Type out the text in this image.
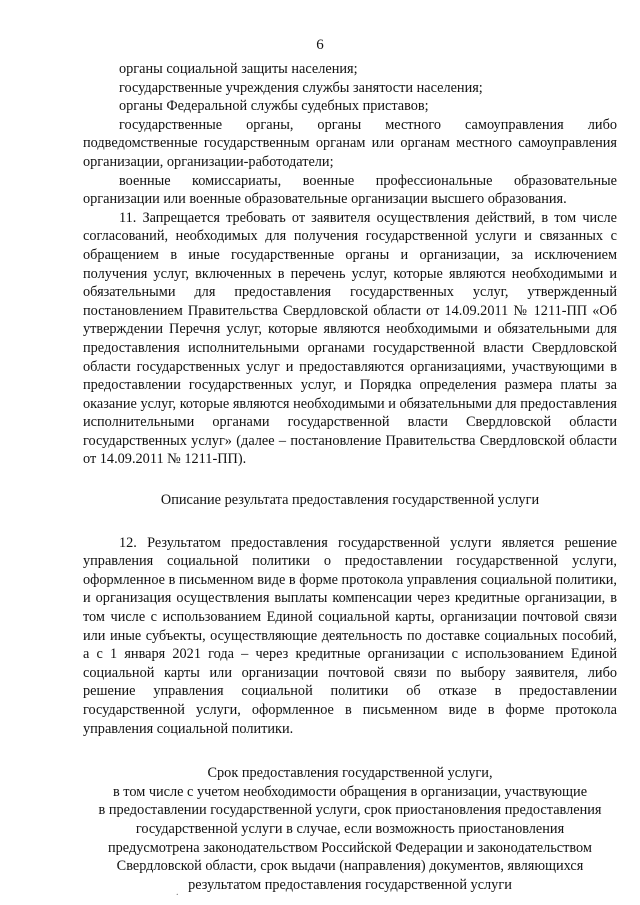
6

органы социальной защиты населения;

государственные учреждения службы занятости населения;

органы Федеральной службы судебных приставов;

государственные органы, органы местного самоуправления либо подведомственные государственным органам или органам местного самоуправления организации, организации-работодатели;

военные комиссариаты, военные профессиональные образовательные организации или военные образовательные организации высшего образования.

11. Запрещается требовать от заявителя осуществления действий, в том числе согласований, необходимых для получения государственной услуги и связанных с обращением в иные государственные органы и организации, за исключением получения услуг, включенных в перечень услуг, которые являются необходимыми и обязательными для предоставления государственных услуг, утвержденный постановлением Правительства Свердловской области от 14.09.2011 № 1211-ПП «Об утверждении Перечня услуг, которые являются необходимыми и обязательными для предоставления исполнительными органами государственной власти Свердловской области государственных услуг и предоставляются организациями, участвующими в предоставлении государственных услуг, и Порядка определения размера платы за оказание услуг, которые являются необходимыми и обязательными для предоставления исполнительными органами государственной власти Свердловской области государственных услуг» (далее – постановление Правительства Свердловской области от 14.09.2011 № 1211-ПП).

Описание результата предоставления государственной услуги

12. Результатом предоставления государственной услуги является решение управления социальной политики о предоставлении государственной услуги, оформленное в письменном виде в форме протокола управления социальной политики, и организация осуществления выплаты компенсации через кредитные организации, в том числе с использованием Единой социальной карты, организации почтовой связи или иные субъекты, осуществляющие деятельность по доставке социальных пособий, а с 1 января 2021 года – через кредитные организации с использованием Единой социальной карты или организации почтовой связи по выбору заявителя, либо решение управления социальной политики об отказе в предоставлении государственной услуги, оформленное в письменном виде в форме протокола управления социальной политики.

Срок предоставления государственной услуги,
в том числе с учетом необходимости обращения в организации, участвующие
в предоставлении государственной услуги, срок приостановления предоставления
государственной услуги в случае, если возможность приостановления
предусмотрена законодательством Российской Федерации и законодательством
Свердловской области, срок выдачи (направления) документов, являющихся
результатом предоставления государственной услуги
.
